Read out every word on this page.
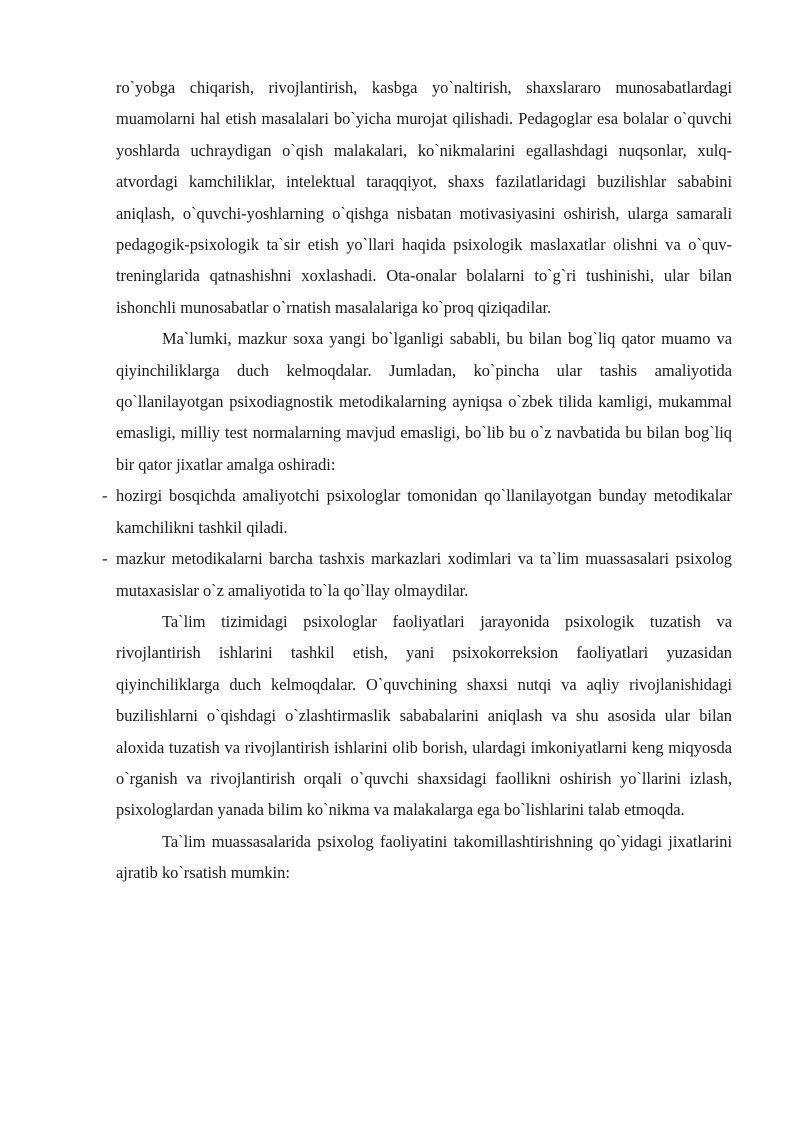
ro`yobga chiqarish, rivojlantirish, kasbga yo`naltirish, shaxslararo munosabatlardagi muamolarni hal etish masalalari bo`yicha murojat qilishadi. Pedagoglar esa bolalar o`quvchi yoshlarda uchraydigan o`qish malakalari, ko`nikmalarini egallashdagi nuqsonlar, xulq-atvordagi kamchiliklar, intelektual taraqqiyot, shaxs fazilatlaridagi buzilishlar sababini aniqlash, o`quvchi-yoshlarning o`qishga nisbatan motivasiyasini oshirish, ularga samarali pedagogik-psixologik ta`sir etish yo`llari haqida psixologik maslaxatlar olishni va o`quv-treninglarida qatnashishni xoxlashadi. Ota-onalar bolalarni to`g`ri tushinishi, ular bilan ishonchli munosabatlar o`rnatish masalalariga ko`proq qiziqadilar.

Ma`lumki, mazkur soxa yangi bo`lganligi sababli, bu bilan bog`liq qator muamo va qiyinchiliklarga duch kelmoqdalar. Jumladan, ko`pincha ular tashis amaliyotida qo`llanilayotgan psixodiagnostik metodikalarning ayniqsa o`zbek tilida kamligi, mukammal emasligi, milliy test normalarning mavjud emasligi, bo`lib bu o`z navbatida bu bilan bog`liq bir qator jixatlar amalga oshiradi:

- hozirgi bosqichda amaliyotchi psixologlar tomonidan qo`llanilayotgan bunday metodikalar kamchilikni tashkil qiladi.
- mazkur metodikalarni barcha tashxis markazlari xodimlari va ta`lim muassasalari psixolog mutaxasislar o`z amaliyotida to`la qo`llay olmaydilar.

Ta`lim tizimidagi psixologlar faoliyatlari jarayonida psixologik tuzatish va rivojlantirish ishlarini tashkil etish, yani psixokorreksion faoliyatlari yuzasidan qiyinchiliklarga duch kelmoqdalar. O`quvchining shaxsi nutqi va aqliy rivojlanishidagi buzilishlarni o`qishdagi o`zlashtirmaslik sababalarini aniqlash va shu asosida ular bilan aloxida tuzatish va rivojlantirish ishlarini olib borish, ulardagi imkoniyatlarni keng miqyosda o`rganish va rivojlantirish orqali o`quvchi shaxsidagi faollikni oshirish yo`llarini izlash, psixologlardan yanada bilim ko`nikma va malakalarga ega bo`lishlarini talab etmoqda.

Ta`lim muassasalarida psixolog faoliyatini takomillashtirishning qo`yidagi jixatlarini ajratib ko`rsatish mumkin:
